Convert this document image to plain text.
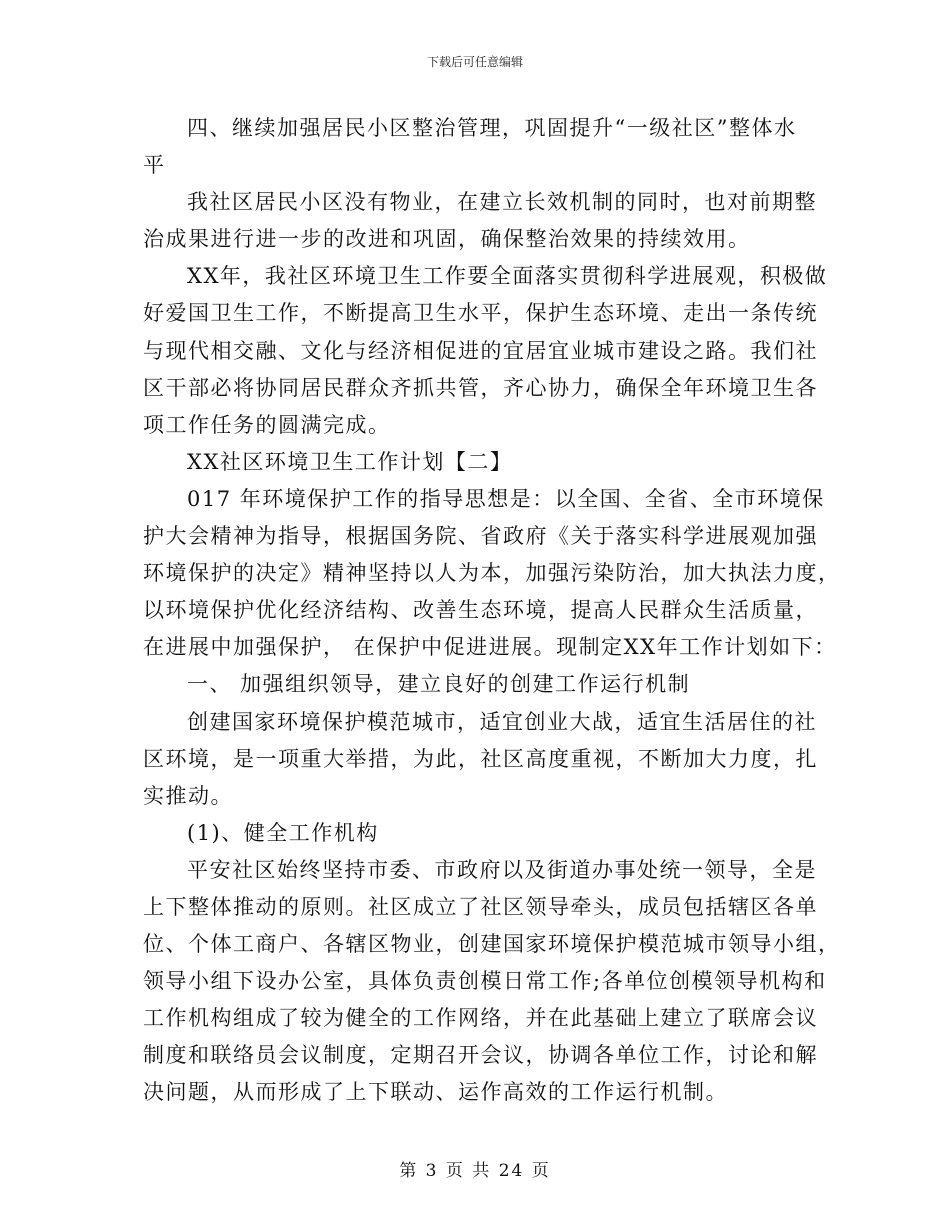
下载后可任意编辑
四、继续加强居民小区整治管理，巩固提升“一级社区”整体水
平
我社区居民小区没有物业，在建立长效机制的同时，也对前期整
治成果进行进一步的改进和巩固，确保整治效果的持续效用。
XX年，我社区环境卫生工作要全面落实贯彻科学进展观，积极做
好爱国卫生工作，不断提高卫生水平，保护生态环境、走出一条传统
与现代相交融、文化与经济相促进的宜居宜业城市建设之路。我们社
区干部必将协同居民群众齐抓共管，齐心协力，确保全年环境卫生各
项工作任务的圆满完成。
XX社区环境卫生工作计划【二】
017 年环境保护工作的指导思想是：以全国、全省、全市环境保
护大会精神为指导，根据国务院、省政府《关于落实科学进展观加强
环境保护的决定》精神坚持以人为本，加强污染防治，加大执法力度，
以环境保护优化经济结构、改善生态环境，提高人民群众生活质量，
在进展中加强保护， 在保护中促进进展。现制定XX年工作计划如下：
一、 加强组织领导，建立良好的创建工作运行机制
创建国家环境保护模范城市，适宜创业大战，适宜生活居住的社
区环境，是一项重大举措，为此，社区高度重视，不断加大力度，扎
实推动。
(1)、健全工作机构
平安社区始终坚持市委、市政府以及街道办事处统一领导，全是
上下整体推动的原则。社区成立了社区领导牵头，成员包括辖区各单
位、个体工商户、各辖区物业，创建国家环境保护模范城市领导小组，
领导小组下设办公室，具体负责创模日常工作;各单位创模领导机构和
工作机构组成了较为健全的工作网络，并在此基础上建立了联席会议
制度和联络员会议制度，定期召开会议，协调各单位工作，讨论和解
决问题，从而形成了上下联动、运作高效的工作运行机制。
第 3 页 共 24 页
